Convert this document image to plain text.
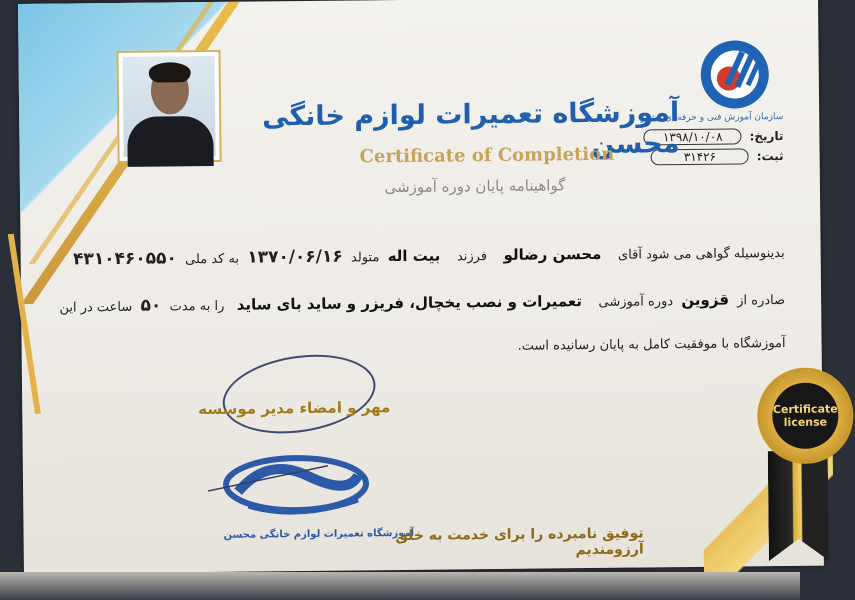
سازمان آموزش فنی و حرفه ای کشور
تاریخ: ۱۳۹۸/۱۰/۰۸
ثبت: ۳۱۴۲۶
آموزشگاه تعمیرات لوازم خانگی محسن
Certificate of Completion
گواهینامه پایان دوره آموزشی
بدینوسیله گواهی می شود آقای    محسن رضالو    فرزند    بیت اله  متولد  ۱۳۷۰/۰۶/۱۶  به کد ملی  ۴۳۱۰۴۶۰۵۵۰
صادره از  قزوین  دوره آموزشی    تعمیرات و نصب یخچال، فریزر و ساید بای ساید   را به مدت  ۵۰  ساعت در این
آموزشگاه با موفقیت کامل به پایان رسانیده است.
مهر و امضاء مدیر موسسه
آموزشگاه تعمیرات لوازم خانگی محسن
توفیق نامبرده را برای خدمت به خلق آرزومندیم
Certificate
license
